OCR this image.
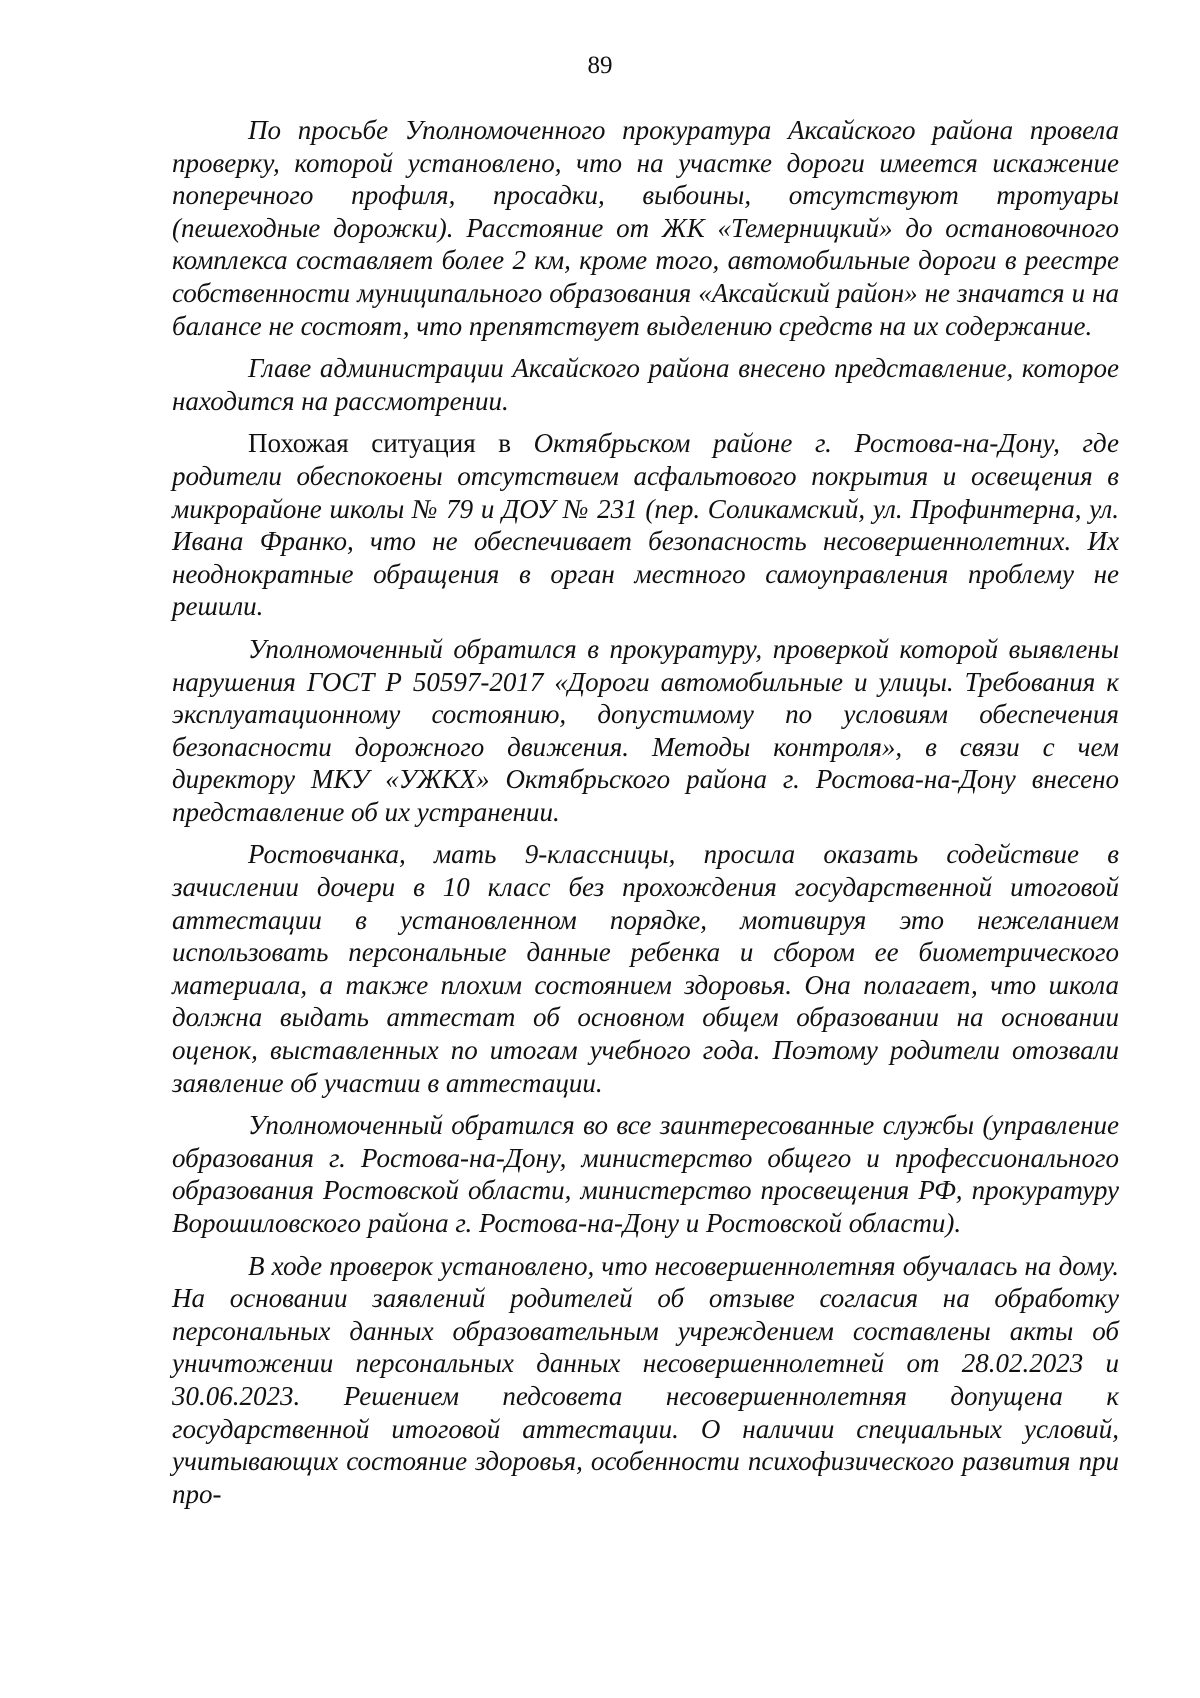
89

По просьбе Уполномоченного прокуратура Аксайского района провела проверку, которой установлено, что на участке дороги имеется искажение поперечного профиля, просадки, выбоины, отсутствуют тротуары (пешеходные дорожки). Расстояние от ЖК «Темерницкий» до остановочного комплекса составляет более 2 км, кроме того, автомобильные дороги в реестре собственности муниципального образования «Аксайский район» не значатся и на балансе не состоят, что препятствует выделению средств на их содержание.

Главе администрации Аксайского района внесено представление, которое находится на рассмотрении.

Похожая ситуация в Октябрьском районе г. Ростова-на-Дону, где родители обеспокоены отсутствием асфальтового покрытия и освещения в микрорайоне школы № 79 и ДОУ № 231 (пер. Соликамский, ул. Профинтерна, ул. Ивана Франко, что не обеспечивает безопасность несовершеннолетних. Их неоднократные обращения в орган местного самоуправления проблему не решили.

Уполномоченный обратился в прокуратуру, проверкой которой выявлены нарушения ГОСТ Р 50597-2017 «Дороги автомобильные и улицы. Требования к эксплуатационному состоянию, допустимому по условиям обеспечения безопасности дорожного движения. Методы контроля», в связи с чем директору МКУ «УЖКХ» Октябрьского района г. Ростова-на-Дону внесено представление об их устранении.

Ростовчанка, мать 9-классницы, просила оказать содействие в зачислении дочери в 10 класс без прохождения государственной итоговой аттестации в установленном порядке, мотивируя это нежеланием использовать персональные данные ребенка и сбором ее биометрического материала, а также плохим состоянием здоровья. Она полагает, что школа должна выдать аттестат об основном общем образовании на основании оценок, выставленных по итогам учебного года. Поэтому родители отозвали заявление об участии в аттестации.

Уполномоченный обратился во все заинтересованные службы (управление образования г. Ростова-на-Дону, министерство общего и профессионального образования Ростовской области, министерство просвещения РФ, прокуратуру Ворошиловского района г. Ростова-на-Дону и Ростовской области).

В ходе проверок установлено, что несовершеннолетняя обучалась на дому. На основании заявлений родителей об отзыве согласия на обработку персональных данных образовательным учреждением составлены акты об уничтожении персональных данных несовершеннолетней от 28.02.2023 и 30.06.2023. Решением педсовета несовершеннолетняя допущена к государственной итоговой аттестации. О наличии специальных условий, учитывающих состояние здоровья, особенности психофизического развития при про-
